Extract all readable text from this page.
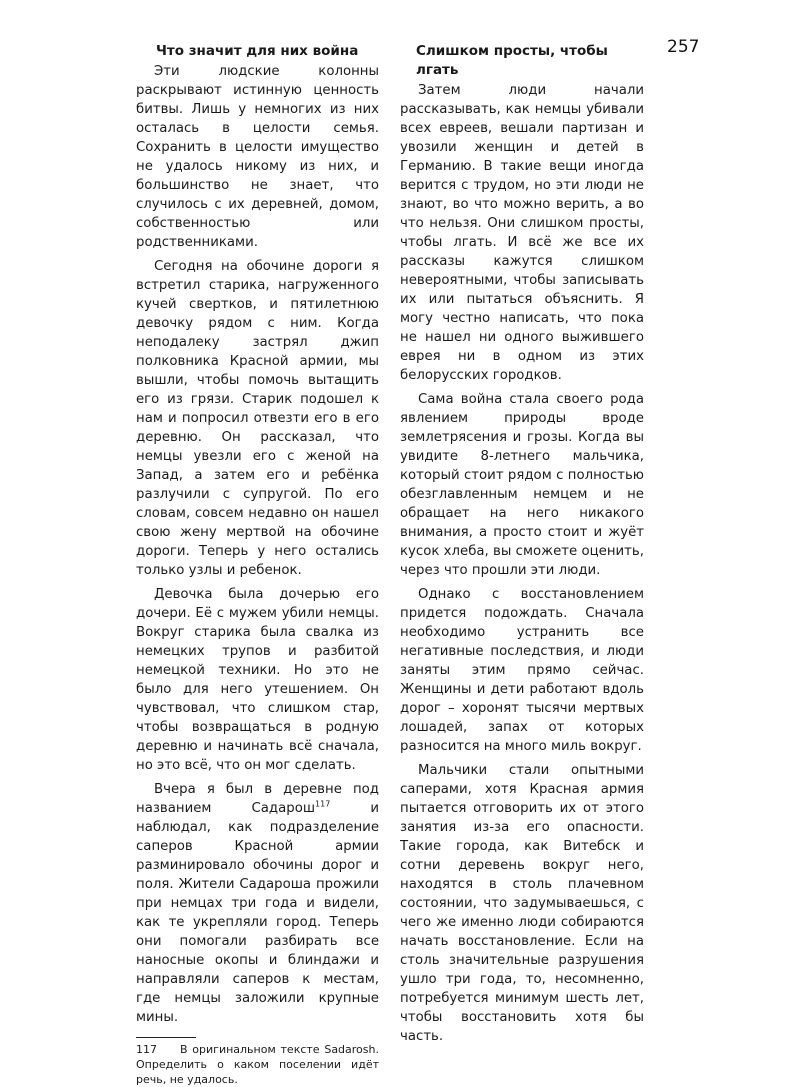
257
Что значит для них война

Эти людские колонны раскрывают истинную ценность битвы. Лишь у немногих из них осталась в целости семья. Сохранить в целости имущество не удалось никому из них, и большинство не знает, что случилось с их деревней, домом, собственностью или родственниками.

Сегодня на обочине дороги я встретил старика, нагруженного кучей свертков, и пятилетнюю девочку рядом с ним. Когда неподалеку застрял джип полковника Красной армии, мы вышли, чтобы помочь вытащить его из грязи. Старик подошел к нам и попросил отвезти его в его деревню. Он рассказал, что немцы увезли его с женой на Запад, а затем его и ребёнка разлучили с супругой. По его словам, совсем недавно он нашел свою жену мертвой на обочине дороги. Теперь у него остались только узлы и ребенок.

Девочка была дочерью его дочери. Её с мужем убили немцы. Вокруг старика была свалка из немецких трупов и разбитой немецкой техники. Но это не было для него утешением. Он чувствовал, что слишком стар, чтобы возвращаться в родную деревню и начинать всё сначала, но это всё, что он мог сделать.

Вчера я был в деревне под названием Садарош$^{117}$ и наблюдал, как подразделение саперов Красной армии разминировало обочины дорог и поля. Жители Садароша прожили при немцах три года и видели, как те укрепляли город. Теперь они помогали разбирать все наносные окопы и блиндажи и направляли саперов к местам, где немцы заложили крупные мины.

117 В оригинальном тексте Sadarosh. Определить о каком поселении идёт речь, не удалось.
Слишком просты, чтобы лгать

Затем люди начали рассказывать, как немцы убивали всех евреев, вешали партизан и увозили женщин и детей в Германию. В такие вещи иногда верится с трудом, но эти люди не знают, во что можно верить, а во что нельзя. Они слишком просты, чтобы лгать. И всё же все их рассказы кажутся слишком невероятными, чтобы записывать их или пытаться объяснить. Я могу честно написать, что пока не нашел ни одного выжившего еврея ни в одном из этих белорусских городков.

Сама война стала своего рода явлением природы вроде землетрясения и грозы. Когда вы увидите 8-летнего мальчика, который стоит рядом с полностью обезглавленным немцем и не обращает на него никакого внимания, а просто стоит и жуёт кусок хлеба, вы сможете оценить, через что прошли эти люди.

Однако с восстановлением придется подождать. Сначала необходимо устранить все негативные последствия, и люди заняты этим прямо сейчас. Женщины и дети работают вдоль дорог – хоронят тысячи мертвых лошадей, запах от которых разносится на много миль вокруг.

Мальчики стали опытными саперами, хотя Красная армия пытается отговорить их от этого занятия из-за его опасности. Такие города, как Витебск и сотни деревень вокруг него, находятся в столь плачевном состоянии, что задумываешься, с чего же именно люди собираются начать восстановление. Если на столь значительные разрушения ушло три года, то, несомненно, потребуется минимум шесть лет, чтобы восстановить хотя бы часть.
